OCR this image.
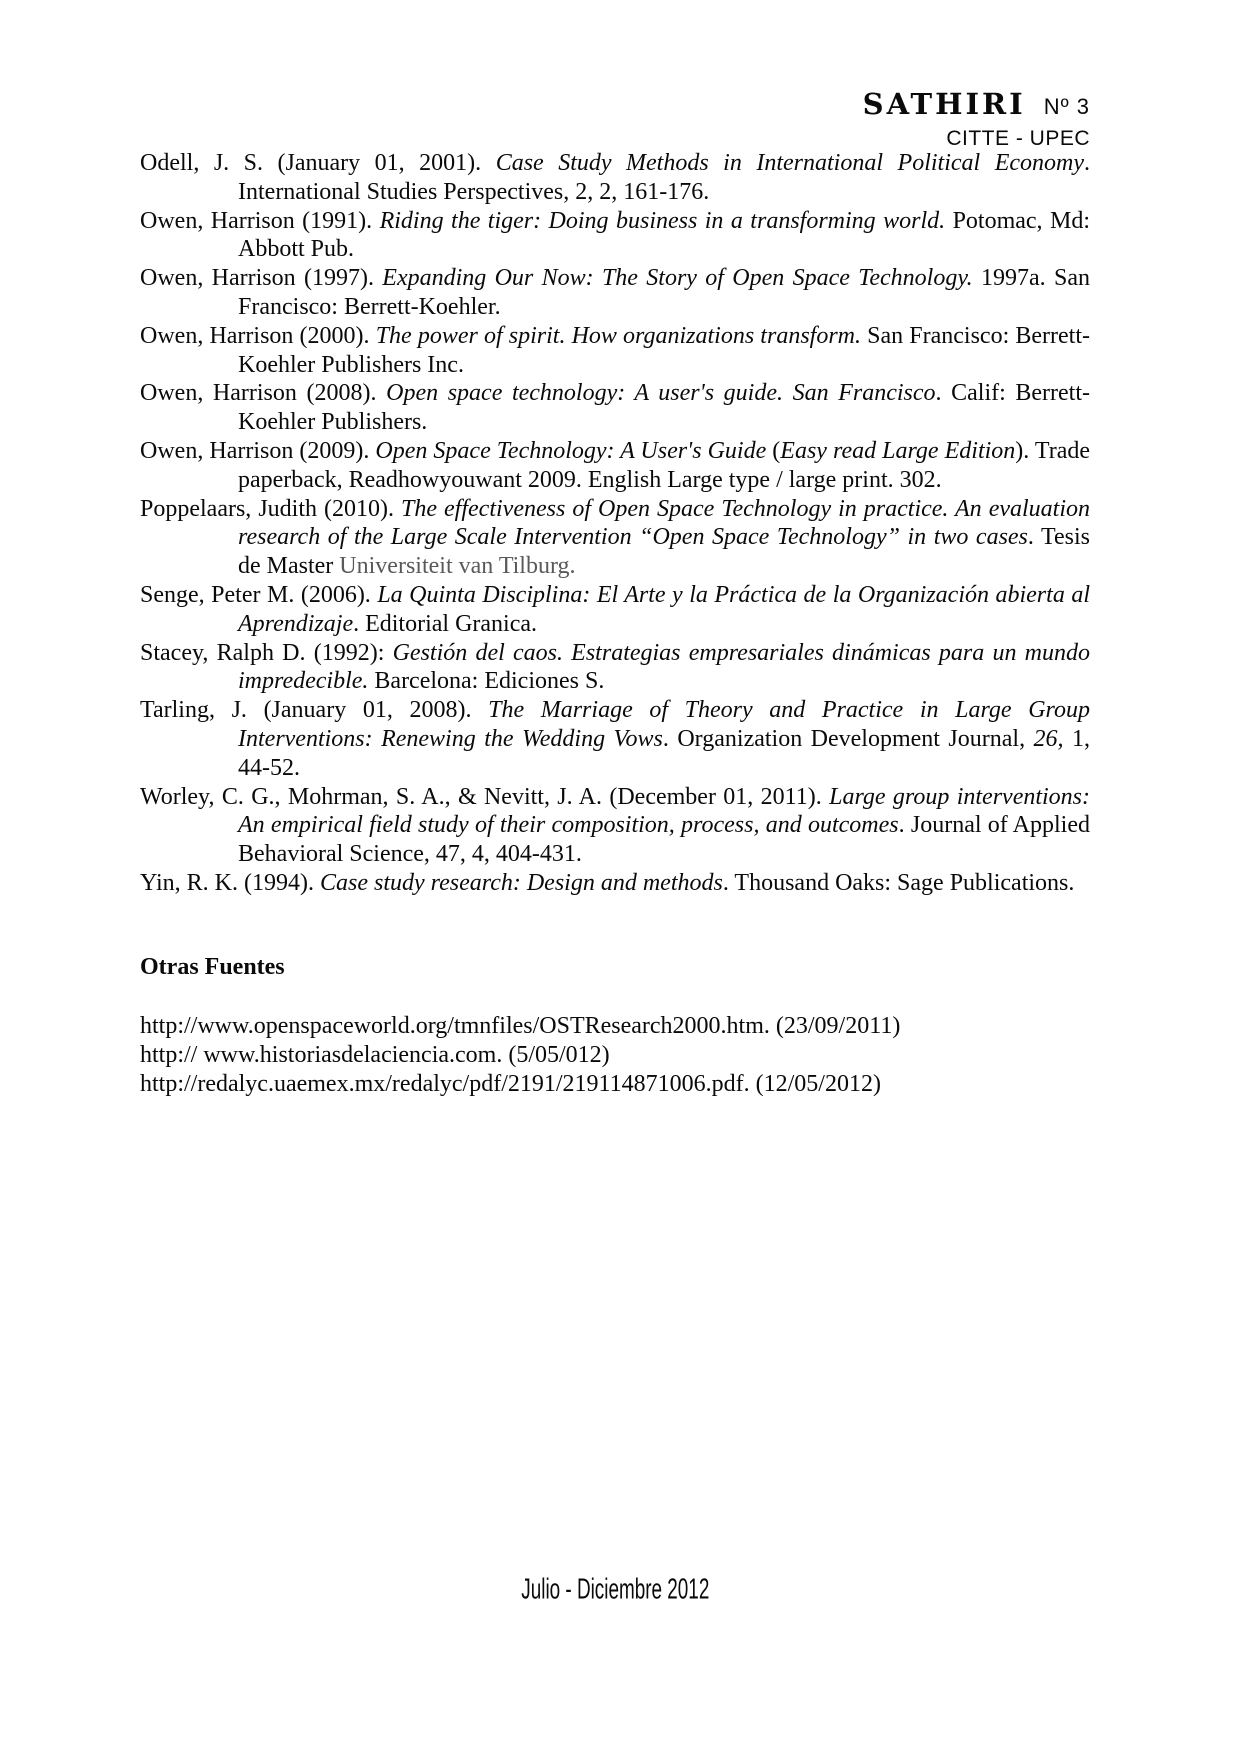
SATHIRI Nº 3
CITTE - UPEC

Odell, J. S. (January 01, 2001). Case Study Methods in International Political Economy. International Studies Perspectives, 2, 2, 161-176.

Owen, Harrison (1991). Riding the tiger: Doing business in a transforming world. Potomac, Md: Abbott Pub.

Owen, Harrison (1997). Expanding Our Now: The Story of Open Space Technology. 1997a. San Francisco: Berrett-Koehler.

Owen, Harrison (2000). The power of spirit. How organizations transform. San Francisco: Berrett-Koehler Publishers Inc.

Owen, Harrison (2008). Open space technology: A user's guide. San Francisco. Calif: Berrett-Koehler Publishers.

Owen, Harrison (2009). Open Space Technology: A User's Guide (Easy read Large Edition). Trade paperback, Readhowyouwant 2009. English Large type / large print. 302.

Poppelaars, Judith (2010). The effectiveness of Open Space Technology in practice. An evaluation research of the Large Scale Intervention “Open Space Technology” in two cases. Tesis de Master Universiteit van Tilburg.

Senge, Peter M. (2006). La Quinta Disciplina: El Arte y la Práctica de la Organización abierta al Aprendizaje. Editorial Granica.

Stacey, Ralph D. (1992): Gestión del caos. Estrategias empresariales dinámicas para un mundo impredecible. Barcelona: Ediciones S.

Tarling, J. (January 01, 2008). The Marriage of Theory and Practice in Large Group Interventions: Renewing the Wedding Vows. Organization Development Journal, 26, 1, 44-52.

Worley, C. G., Mohrman, S. A., & Nevitt, J. A. (December 01, 2011). Large group interventions: An empirical field study of their composition, process, and outcomes. Journal of Applied Behavioral Science, 47, 4, 404-431.

Yin, R. K. (1994). Case study research: Design and methods. Thousand Oaks: Sage Publications.

Otras Fuentes
http://www.openspaceworld.org/tmnfiles/OSTResearch2000.htm. (23/09/2011)
http:// www.historiasdelaciencia.com. (5/05/012)
http://redalyc.uaemex.mx/redalyc/pdf/2191/219114871006.pdf. (12/05/2012)
Julio - Diciembre 2012
